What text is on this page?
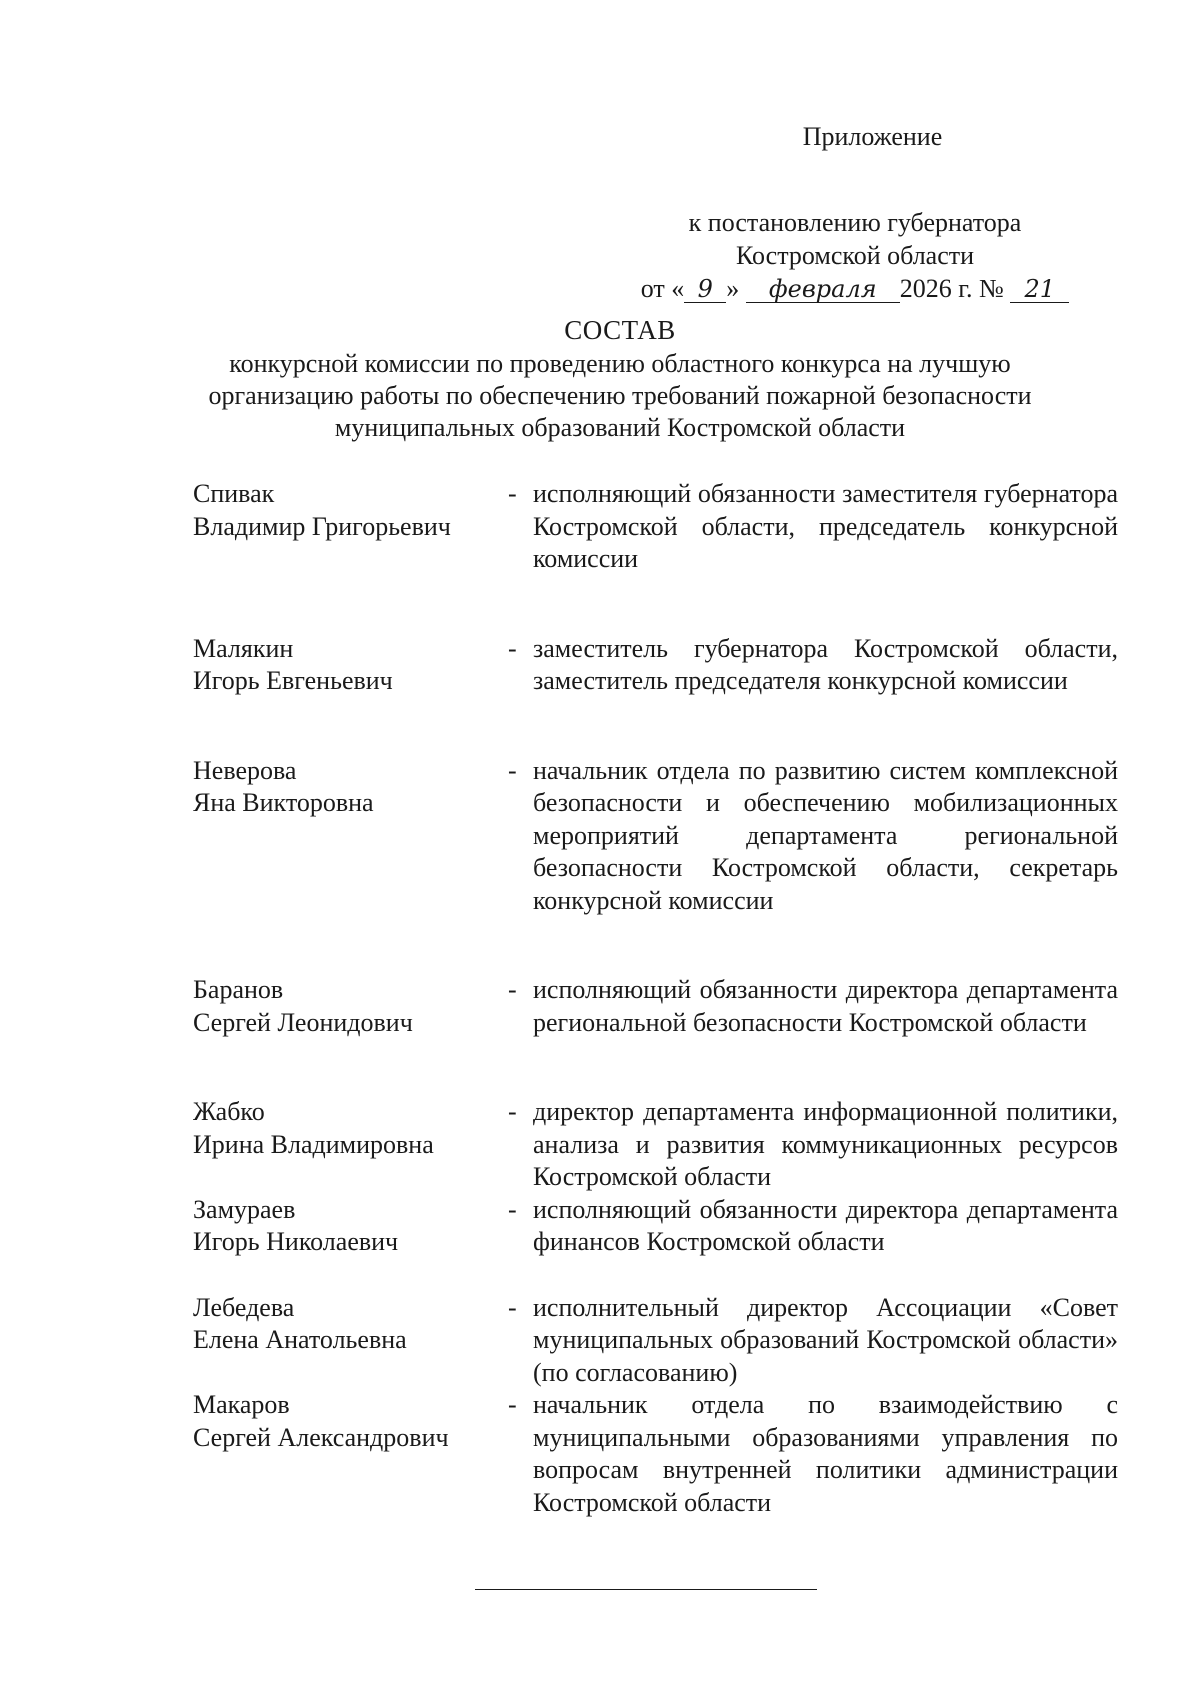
Приложение
к постановлению губернатора
Костромской области
от « 9 » февраля 2026 г. № 21
СОСТАВ
конкурсной комиссии по проведению областного конкурса на лучшую
организацию работы по обеспечению требований пожарной безопасности
муниципальных образований Костромской области
Спивак
Владимир Григорьевич
- исполняющий обязанности заместителя губернатора Костромской области, председатель конкурсной комиссии
Малякин
Игорь Евгеньевич
- заместитель губернатора Костромской области, заместитель председателя конкурсной комиссии
Неверова
Яна Викторовна
- начальник отдела по развитию систем комплексной безопасности и обеспечению мобилизационных мероприятий департамента региональной безопасности Костромской области, секретарь конкурсной комиссии
Баранов
Сергей Леонидович
- исполняющий обязанности директора департамента региональной безопасности Костромской области
Жабко
Ирина Владимировна
- директор департамента информационной политики, анализа и развития коммуникационных ресурсов Костромской области
Замураев
Игорь Николаевич
- исполняющий обязанности директора департамента финансов Костромской области
Лебедева
Елена Анатольевна
- исполнительный директор Ассоциации «Совет муниципальных образований Костромской области» (по согласованию)
Макаров
Сергей Александрович
- начальник отдела по взаимодействию с муниципальными образованиями управления по вопросам внутренней политики администрации Костромской области
